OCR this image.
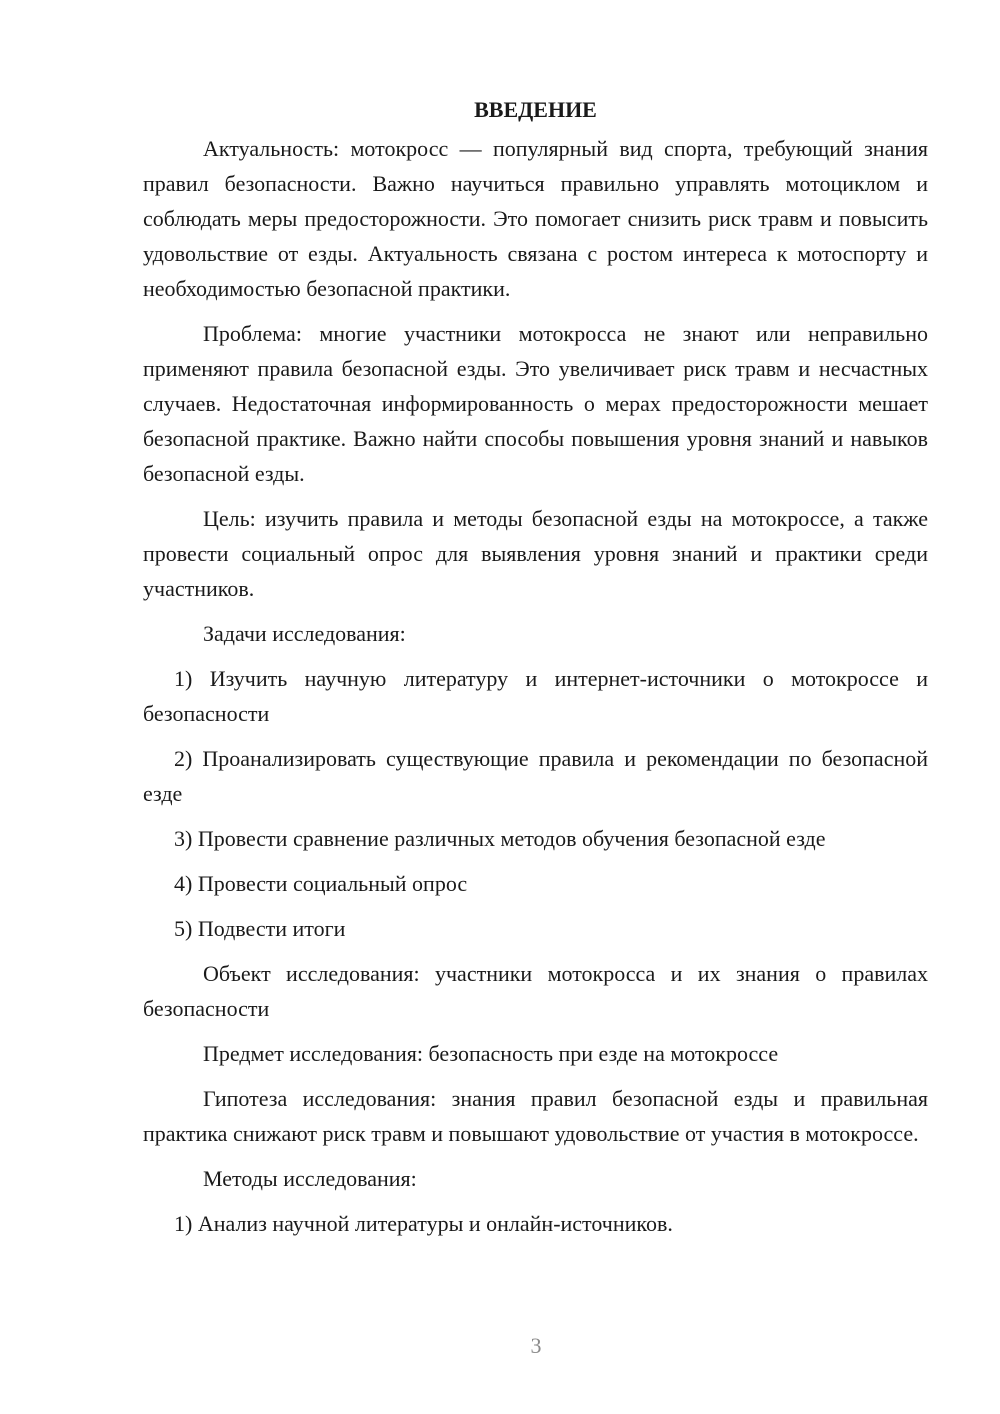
ВВЕДЕНИЕ

Актуальность: мотокросс — популярный вид спорта, требующий знания правил безопасности. Важно научиться правильно управлять мотоциклом и соблюдать меры предосторожности. Это помогает снизить риск травм и повысить удовольствие от езды. Актуальность связана с ростом интереса к мотоспорту и необходимостью безопасной практики.

Проблема: многие участники мотокросса не знают или неправильно применяют правила безопасной езды. Это увеличивает риск травм и несчастных случаев. Недостаточная информированность о мерах предосторожности мешает безопасной практике. Важно найти способы повышения уровня знаний и навыков безопасной езды.

Цель: изучить правила и методы безопасной езды на мотокроссе, а также провести социальный опрос для выявления уровня знаний и практики среди участников.

Задачи исследования:

1) Изучить научную литературу и интернет-источники о мотокроссе и безопасности

2) Проанализировать существующие правила и рекомендации по безопасной езде

3) Провести сравнение различных методов обучения безопасной езде

4) Провести социальный опрос

5) Подвести итоги

Объект исследования: участники мотокросса и их знания о правилах безопасности

Предмет исследования: безопасность при езде на мотокроссе

Гипотеза исследования: знания правил безопасной езды и правильная практика снижают риск травм и повышают удовольствие от участия в мотокроссе.

Методы исследования:

1) Анализ научной литературы и онлайн-источников.

3
